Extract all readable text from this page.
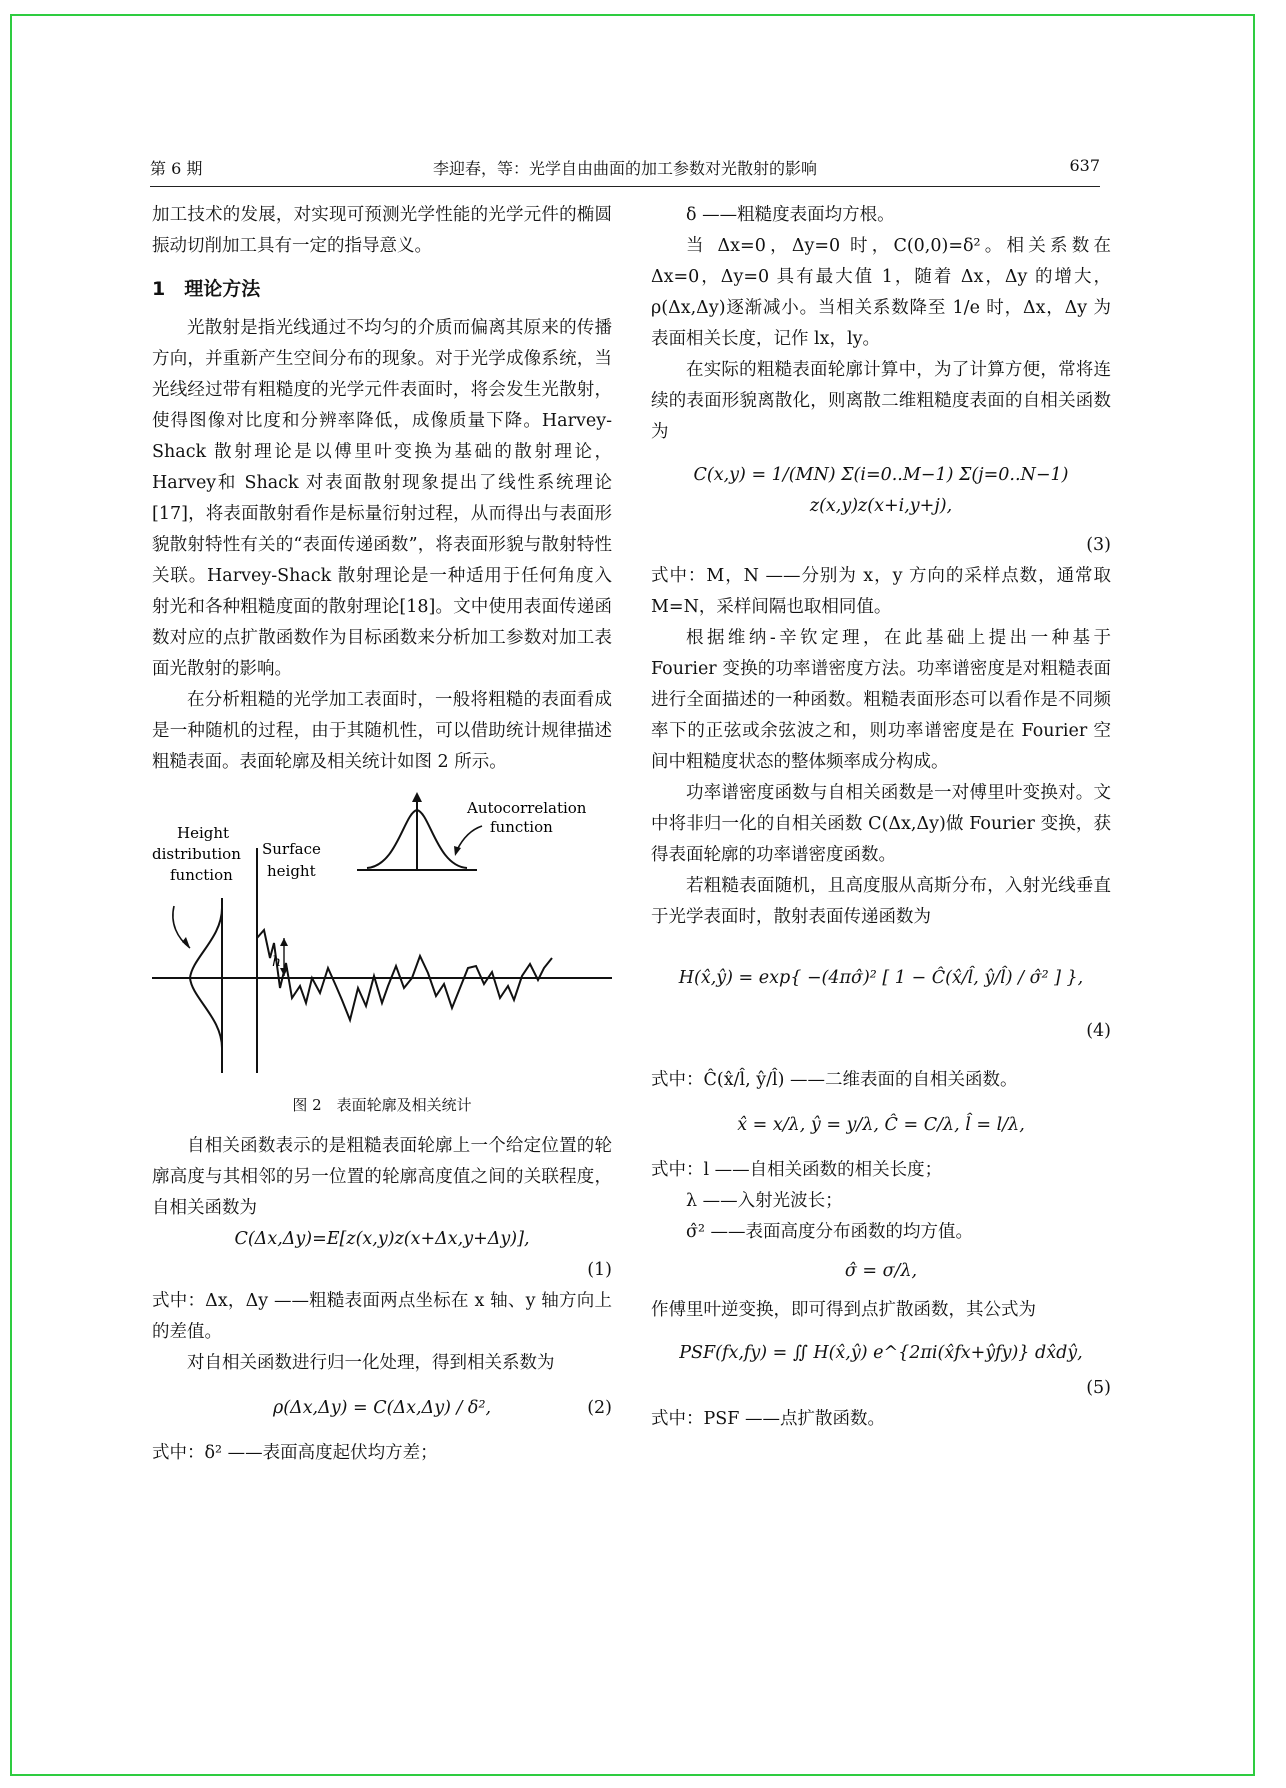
第 6 期	李迎春，等：光学自由曲面的加工参数对光散射的影响	637

加工技术的发展，对实现可预测光学性能的光学元件的椭圆振动切削加工具有一定的指导意义。

1　理论方法

光散射是指光线通过不均匀的介质而偏离其原来的传播方向，并重新产生空间分布的现象。对于光学成像系统，当光线经过带有粗糙度的光学元件表面时，将会发生光散射，使得图像对比度和分辨率降低，成像质量下降。Harvey-Shack 散射理论是以傅里叶变换为基础的散射理论，Harvey和 Shack 对表面散射现象提出了线性系统理论[17]，将表面散射看作是标量衍射过程，从而得出与表面形貌散射特性有关的“表面传递函数”，将表面形貌与散射特性关联。Harvey-Shack 散射理论是一种适用于任何角度入射光和各种粗糙度面的散射理论[18]。文中使用表面传递函数对应的点扩散函数作为目标函数来分析加工参数对加工表面光散射的影响。

在分析粗糙的光学加工表面时，一般将粗糙的表面看成是一种随机的过程，由于其随机性，可以借助统计规律描述粗糙表面。表面轮廓及相关统计如图 2 所示。

h
Autocorrelation
function
Height
distribution
function
Surface
height
图 2　表面轮廓及相关统计

自相关函数表示的是粗糙表面轮廓上一个给定位置的轮廓高度与其相邻的另一位置的轮廓高度值之间的关联程度，自相关函数为

C(Δx,Δy)=E[z(x,y)z(x+Δx,y+Δy)],
(1)

式中：Δx，Δy ——粗糙表面两点坐标在 x 轴、y 轴方向上的差值。

对自相关函数进行归一化处理，得到相关系数为

ρ(Δx,Δy) = C(Δx,Δy) / δ²,	(2)

式中：δ² ——表面高度起伏均方差；

δ ——粗糙度表面均方根。

当 Δx=0，Δy=0 时，C(0,0)=δ²。相关系数在 Δx=0，Δy=0 具有最大值 1，随着 Δx，Δy 的增大，ρ(Δx,Δy)逐渐减小。当相关系数降至 1/e 时，Δx，Δy 为表面相关长度，记作 lx，ly。

在实际的粗糙表面轮廓计算中，为了计算方便，常将连续的表面形貌离散化，则离散二维粗糙度表面的自相关函数为

C(x,y) = 1/(MN) Σ(i=0..M−1) Σ(j=0..N−1) z(x,y)z(x+i,y+j),
(3)

式中：M，N ——分别为 x，y 方向的采样点数，通常取 M=N，采样间隔也取相同值。

根据维纳-辛钦定理，在此基础上提出一种基于 Fourier 变换的功率谱密度方法。功率谱密度是对粗糙表面进行全面描述的一种函数。粗糙表面形态可以看作是不同频率下的正弦或余弦波之和，则功率谱密度是在 Fourier 空间中粗糙度状态的整体频率成分构成。

功率谱密度函数与自相关函数是一对傅里叶变换对。文中将非归一化的自相关函数 C(Δx,Δy)做 Fourier 变换，获得表面轮廓的功率谱密度函数。

若粗糙表面随机，且高度服从高斯分布，入射光线垂直于光学表面时，散射表面传递函数为

H(x̂,ŷ) = exp{ −(4πσ̂)² [ 1 − Ĉ(x̂/l̂, ŷ/l̂) / σ̂² ] },
(4)

式中：Ĉ(x̂/l̂, ŷ/l̂) ——二维表面的自相关函数。

x̂ = x/λ, ŷ = y/λ, Ĉ = C/λ, l̂ = l/λ,

式中：l ——自相关函数的相关长度；

λ ——入射光波长；

σ̂² ——表面高度分布函数的均方值。

σ̂ = σ/λ,

作傅里叶逆变换，即可得到点扩散函数，其公式为

PSF(fx,fy) = ∬ H(x̂,ŷ) e^{2πi(x̂fx+ŷfy)} dx̂dŷ,
(5)

式中：PSF ——点扩散函数。
